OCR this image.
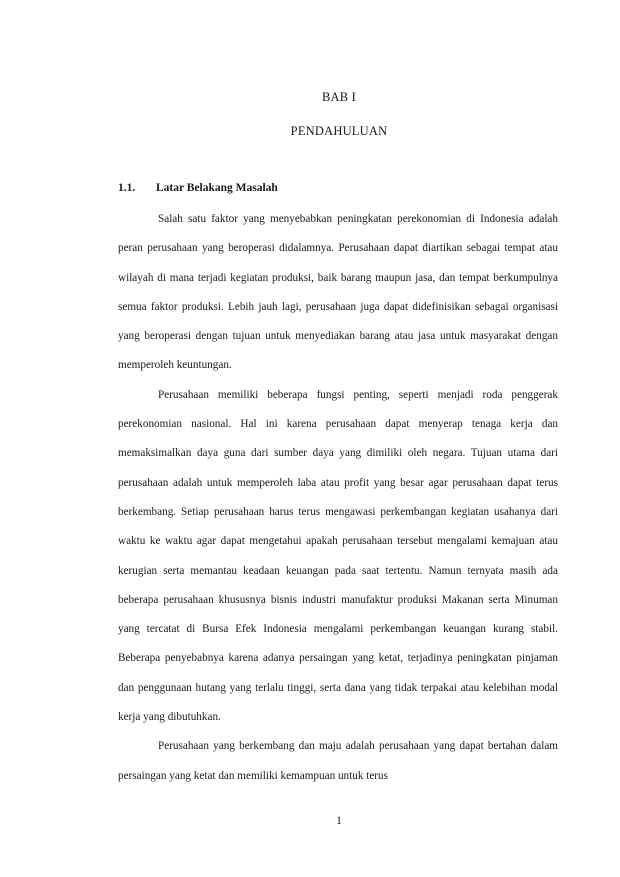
BAB I
PENDAHULUAN
1.1. Latar Belakang Masalah

Salah satu faktor yang menyebabkan peningkatan perekonomian di Indonesia adalah peran perusahaan yang beroperasi didalamnya. Perusahaan dapat diartikan sebagai tempat atau wilayah di mana terjadi kegiatan produksi, baik barang maupun jasa, dan tempat berkumpulnya semua faktor produksi. Lebih jauh lagi, perusahaan juga dapat didefinisikan sebagai organisasi yang beroperasi dengan tujuan untuk menyediakan barang atau jasa untuk masyarakat dengan memperoleh keuntungan.

Perusahaan memiliki beberapa fungsi penting, seperti menjadi roda penggerak perekonomian nasional. Hal ini karena perusahaan dapat menyerap tenaga kerja dan memaksimalkan daya guna dari sumber daya yang dimiliki oleh negara. Tujuan utama dari perusahaan adalah untuk memperoleh laba atau profit yang besar agar perusahaan dapat terus berkembang. Setiap perusahaan harus terus mengawasi perkembangan kegiatan usahanya dari waktu ke waktu agar dapat mengetahui apakah perusahaan tersebut mengalami kemajuan atau kerugian serta memantau keadaan keuangan pada saat tertentu. Namun ternyata masih ada beberapa perusahaan khususnya bisnis industri manufaktur produksi Makanan serta Minuman yang tercatat di Bursa Efek Indonesia mengalami perkembangan keuangan kurang stabil. Beberapa penyebabnya karena adanya persaingan yang ketat, terjadinya peningkatan pinjaman dan penggunaan hutang yang terlalu tinggi, serta dana yang tidak terpakai atau kelebihan modal kerja yang dibutuhkan.

Perusahaan yang berkembang dan maju adalah perusahaan yang dapat bertahan dalam persaingan yang ketat dan memiliki kemampuan untuk terus

1
